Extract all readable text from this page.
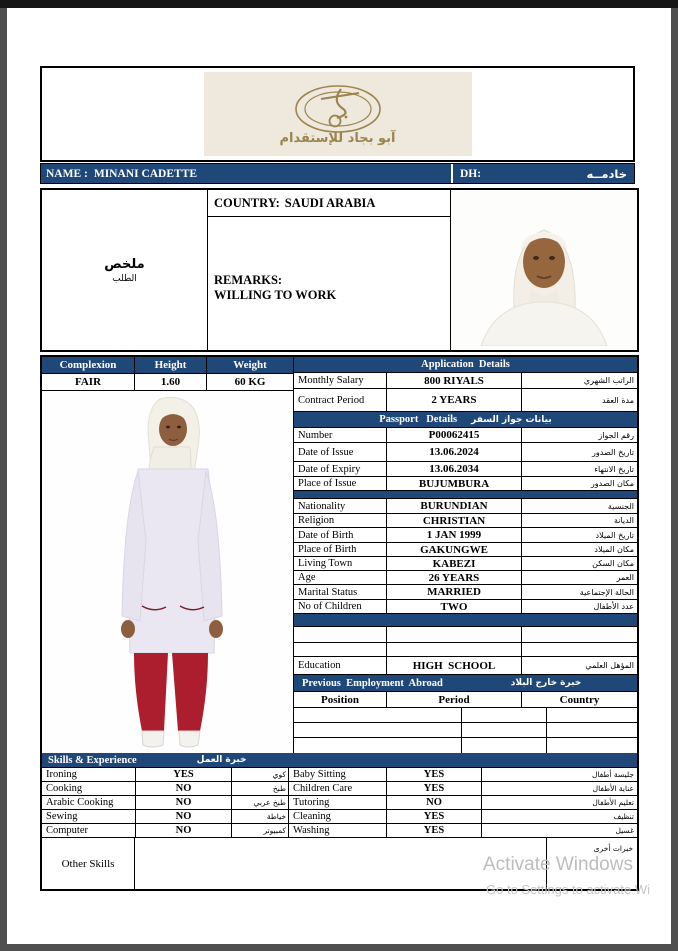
آبو بجاد للإستقدام
NAME : MINANI CADETTE	DH:	خادمــه
ملخص
الطلب
COUNTRY: SAUDI ARABIA
REMARKS:
WILLING TO WORK
Complexion	Height	Weight
FAIR	1.60	60 KG
Application  Details
Monthly Salary	800 RIYALS	الراتب الشهري
Contract Period	2 YEARS	مدة العقد
Passport   Details بيانات جواز السفر
Number	P00062415	رقم الجواز
Date of Issue	13.06.2024	تاريخ الصدور
Date of Expiry	13.06.2034	تاريخ الانتهاء
Place of Issue	BUJUMBURA	مكان الصدور
Nationality	BURUNDIAN	الجنسية
Religion	CHRISTIAN	الديانة
Date of Birth	1 JAN 1999	تاريخ الميلاد
Place of Birth	GAKUNGWE	مكان الميلاد
Living Town	KABEZI	مكان السكن
Age	26 YEARS	العمر
Marital Status	MARRIED	الحالة الإجتماعية
No of Children	TWO	عدد الأطفال
Education	HIGH  SCHOOL	المؤهل العلمي
Previous  Employment  Abroad	خبرة خارج البلاد
Position	Period	Country
Skills & Experience	خبرة العمل
Ironing	YES	كوي Baby Sitting	YES	جليسة أطفال
Cooking	NO	طبخ Children Care	YES	عناية الأطفال
Arabic Cooking	NO	طبخ عربي Tutoring	NO	تعليم الأطفال
Sewing	NO	خياطة Cleaning	YES	تنظيف
Computer	NO	كمبيوتر Washing	YES	غسيل
Other Skills
خبرات أخرى
Activate Windows
Go to Settings to activate Wi
